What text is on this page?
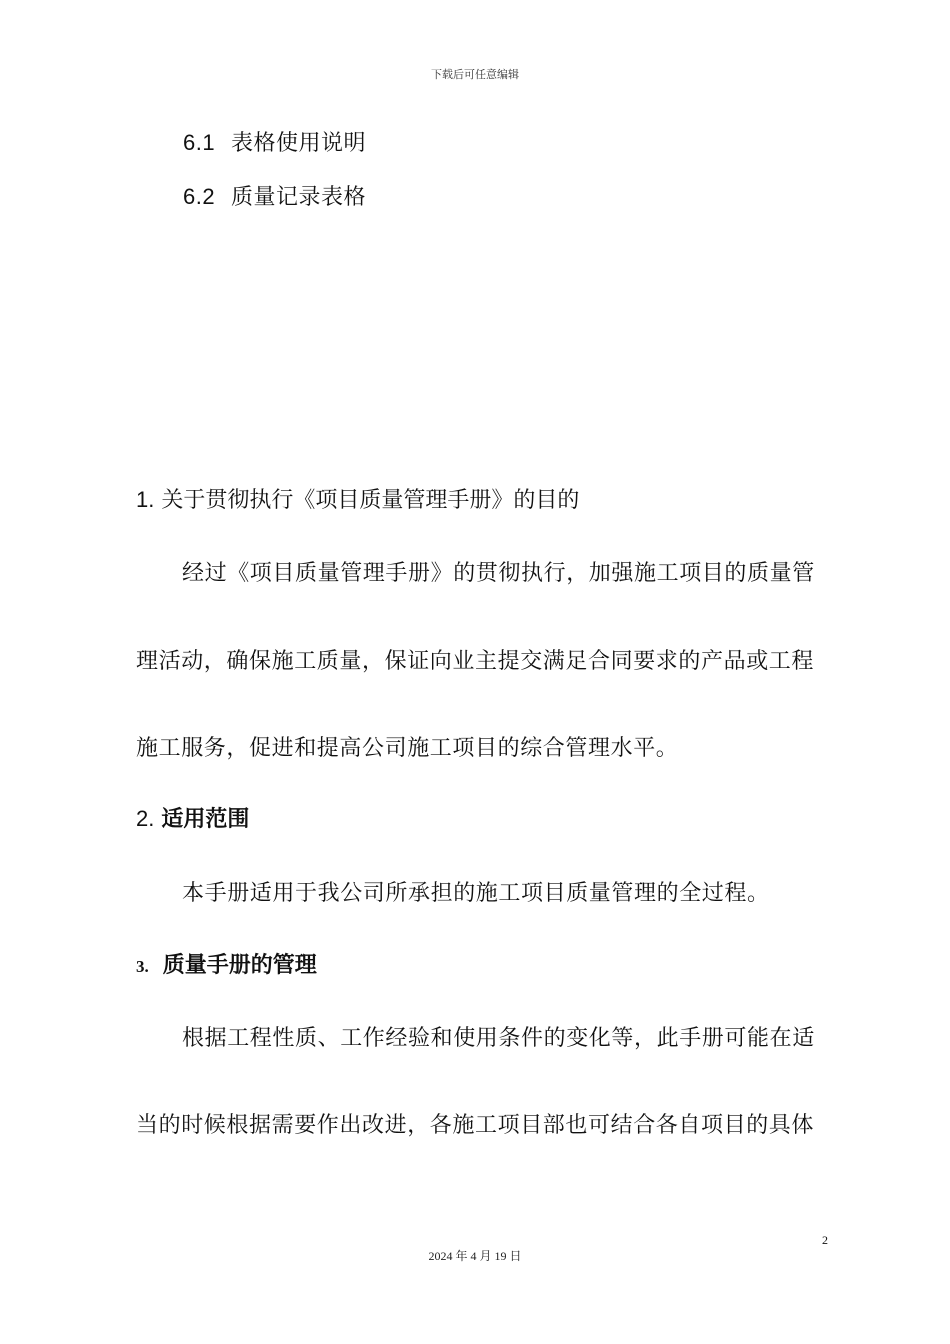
下载后可任意编辑
6.1 表格使用说明
6.2 质量记录表格
1. 关于贯彻执行《项目质量管理手册》的目的
经过《项目质量管理手册》的贯彻执行，加强施工项目的质量管
理活动，确保施工质量，保证向业主提交满足合同要求的产品或工程
施工服务，促进和提高公司施工项目的综合管理水平。
2. 适用范围
本手册适用于我公司所承担的施工项目质量管理的全过程。
3. 质量手册的管理
根据工程性质、工作经验和使用条件的变化等，此手册可能在适
当的时候根据需要作出改进，各施工项目部也可结合各自项目的具体
2
2024 年 4 月 19 日
